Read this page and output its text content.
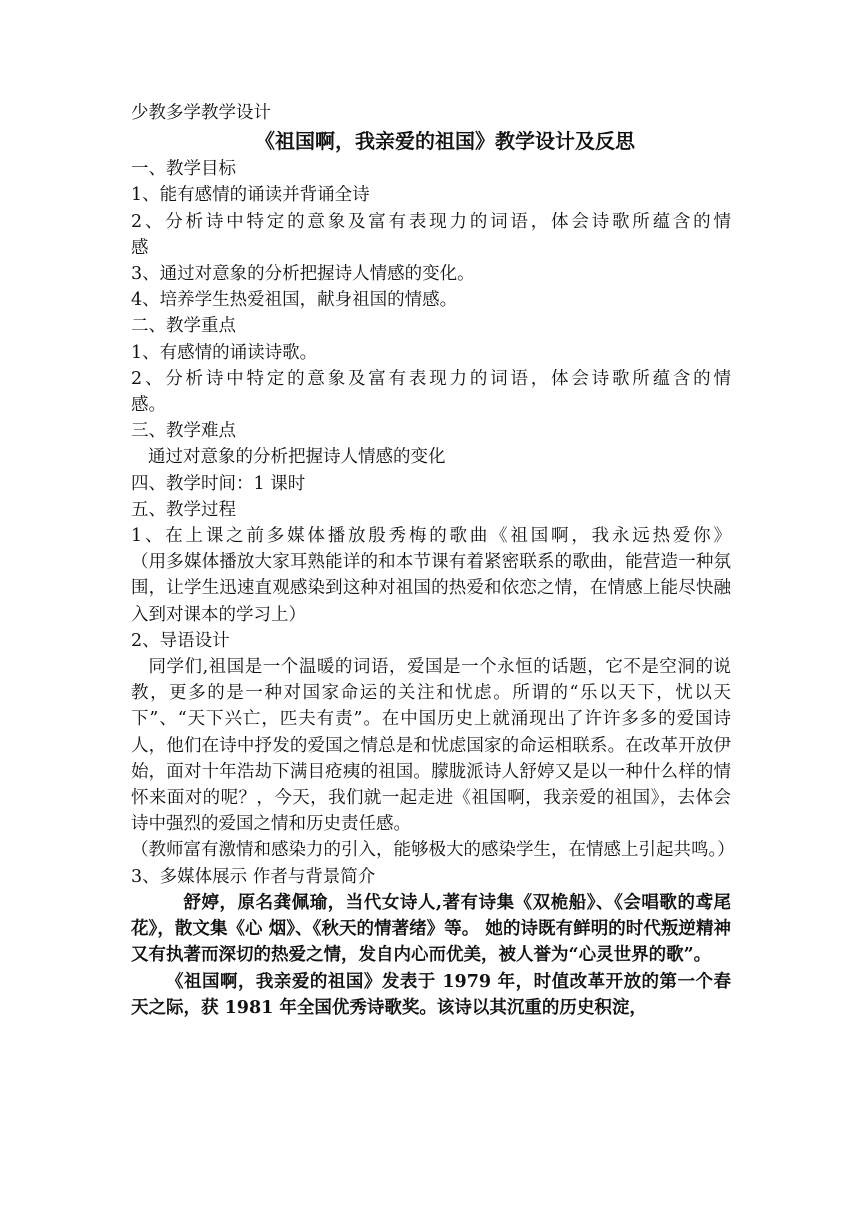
少教多学教学设计
《祖国啊，我亲爱的祖国》教学设计及反思
一、教学目标
1、能有感情的诵读并背诵全诗
2、分析诗中特定的意象及富有表现力的词语，体会诗歌所蕴含的情
感
3、通过对意象的分析把握诗人情感的变化。
4、培养学生热爱祖国，献身祖国的情感。
二、教学重点
1、有感情的诵读诗歌。
2、分析诗中特定的意象及富有表现力的词语，体会诗歌所蕴含的情
感。
三、教学难点
通过对意象的分析把握诗人情感的变化
四、教学时间：1 课时
五、教学过程
1、在上课之前多媒体播放殷秀梅的歌曲《祖国啊，我永远热爱你》
（用多媒体播放大家耳熟能详的和本节课有着紧密联系的歌曲，能营造一种氛围，让学生迅速直观感染到这种对祖国的热爱和依恋之情，在情感上能尽快融入到对课本的学习上）
2、导语设计
同学们,祖国是一个温暖的词语，爱国是一个永恒的话题，它不是空洞的说教，更多的是一种对国家命运的关注和忧虑。所谓的“乐以天下，忧以天下”、“天下兴亡，匹夫有责”。在中国历史上就涌现出了许许多多的爱国诗人，他们在诗中抒发的爱国之情总是和忧虑国家的命运相联系。在改革开放伊始，面对十年浩劫下满目疮痍的祖国。朦胧派诗人舒婷又是以一种什么样的情怀来面对的呢？，今天，我们就一起走进《祖国啊，我亲爱的祖国》，去体会诗中强烈的爱国之情和历史责任感。
（教师富有激情和感染力的引入，能够极大的感染学生，在情感上引起共鸣。）
3、多媒体展示 作者与背景简介
舒婷，原名龚佩瑜，当代女诗人,著有诗集《双桅船》、《会唱歌的鸢尾花》，散文集《心 烟》、《秋天的情著绪》等。 她的诗既有鲜明的时代叛逆精神又有执著而深切的热爱之情，发自内心而优美，被人誉为“心灵世界的歌”。
《祖国啊，我亲爱的祖国》发表于 1979 年，时值改革开放的第一个春天之际，获 1981 年全国优秀诗歌奖。该诗以其沉重的历史积淀，
